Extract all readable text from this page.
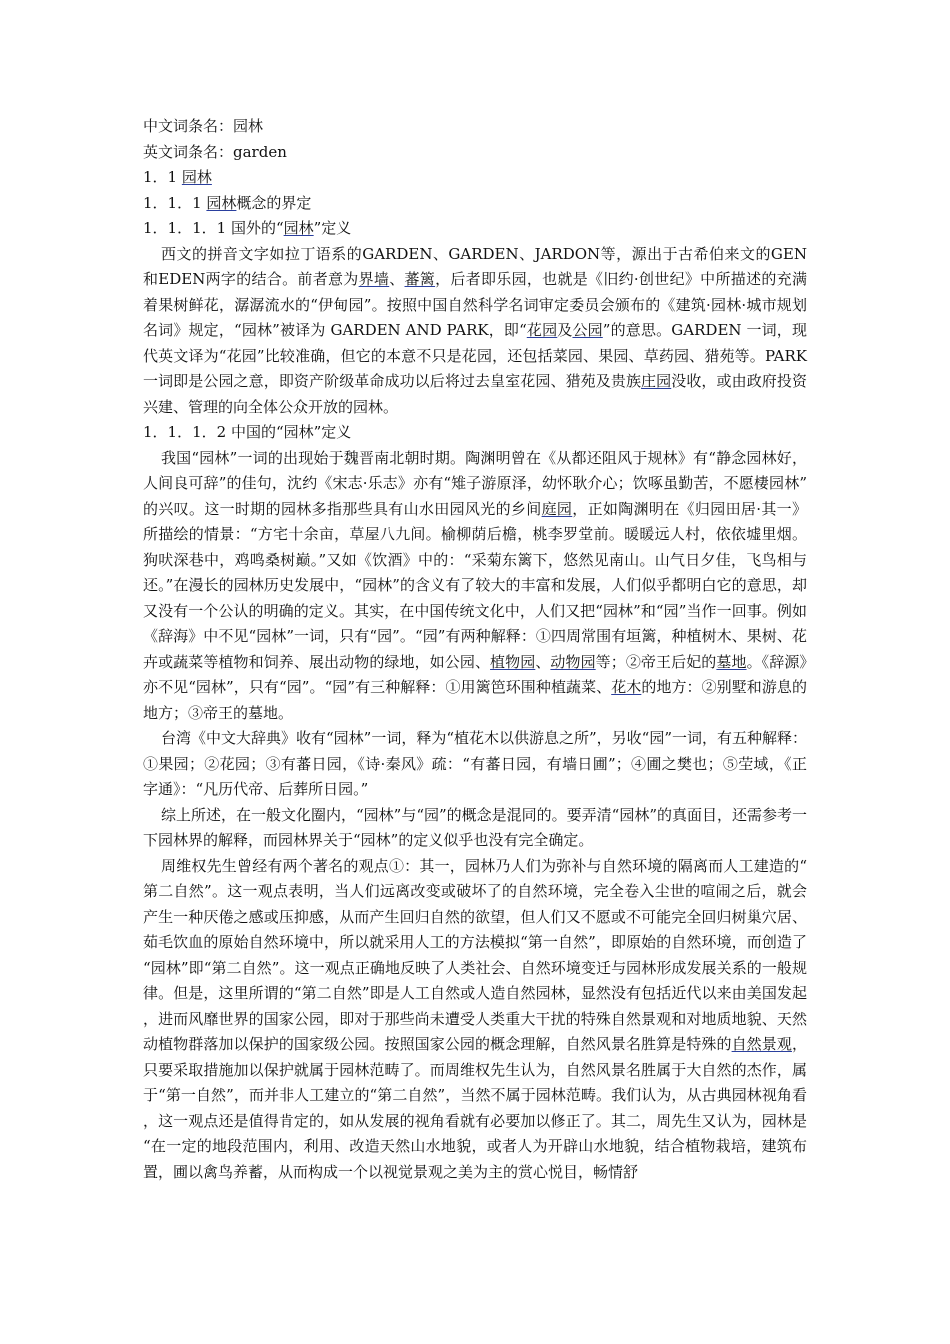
中文词条名：园林

英文词条名：garden

1．1 园林

1．1．1 园林概念的界定

1．1．1．1 国外的“园林”定义

西文的拼音文字如拉丁语系的GARDEN、GARDEN、JARDON等，源出于古希伯来文的GEN和EDEN两字的结合。前者意为界墙、蕃篱，后者即乐园，也就是《旧约·创世纪》中所描述的充满着果树鲜花，潺潺流水的“伊甸园”。按照中国自然科学名词审定委员会颁布的《建筑·园林·城市规划名词》规定，“园林”被译为 GARDEN AND PARK，即“花园及公园”的意思。GARDEN 一词，现代英文译为“花园”比较准确，但它的本意不只是花园，还包括菜园、果园、草药园、猎苑等。PARK一词即是公园之意，即资产阶级革命成功以后将过去皇室花园、猎苑及贵族庄园没收，或由政府投资兴建、管理的向全体公众开放的园林。

1．1．1．2 中国的“园林”定义

我国“园林”一词的出现始于魏晋南北朝时期。陶渊明曾在《从都还阻风于规林》有“静念园林好，人间良可辞”的佳句，沈约《宋志·乐志》亦有“雉子游原泽，幼怀耿介心；饮啄虽勤苦，不愿棲园林”的兴叹。这一时期的园林多指那些具有山水田园风光的乡间庭园，正如陶渊明在《归园田居·其一》所描绘的情景：“方宅十余亩，草屋八九间。榆柳荫后檐，桃李罗堂前。暖暖远人村，依依墟里烟。狗吠深巷中，鸡鸣桑树巅。”又如《饮酒》中的：“采菊东篱下，悠然见南山。山气日夕佳，飞鸟相与还。”在漫长的园林历史发展中，“园林”的含义有了较大的丰富和发展，人们似乎都明白它的意思，却又没有一个公认的明确的定义。其实，在中国传统文化中，人们又把“园林”和“园”当作一回事。例如《辞海》中不见“园林”一词，只有“园”。“园”有两种解释：①四周常围有垣篱，种植树木、果树、花卉或蔬菜等植物和饲养、展出动物的绿地，如公园、植物园、动物园等；②帝王后妃的墓地。《辞源》亦不见“园林”，只有“园”。“园”有三种解释：①用篱笆环围种植蔬菜、花木的地方：②别墅和游息的地方；③帝王的墓地。

台湾《中文大辞典》收有“园林”一词，释为“植花木以供游息之所”，另收“园”一词，有五种解释：①果园；②花园；③有蕃日园，《诗·秦风》疏：“有蕃日园，有墙日圃”；④圃之樊也；⑤茔域，《正字通》：“凡历代帝、后葬所日园。”

综上所述，在一般文化圈内，“园林”与“园”的概念是混同的。要弄清“园林”的真面目，还需参考一下园林界的解释，而园林界关于“园林”的定义似乎也没有完全确定。

周维权先生曾经有两个著名的观点①：其一，园林乃人们为弥补与自然环境的隔离而人工建造的“第二自然”。这一观点表明，当人们远离改变或破坏了的自然环境，完全卷入尘世的喧闹之后，就会产生一种厌倦之感或压抑感，从而产生回归自然的欲望，但人们又不愿或不可能完全回归树巢穴居、茹毛饮血的原始自然环境中，所以就采用人工的方法模拟“第一自然”，即原始的自然环境，而创造了“园林”即“第二自然”。这一观点正确地反映了人类社会、自然环境变迁与园林形成发展关系的一般规律。但是，这里所谓的“第二自然”即是人工自然或人造自然园林，显然没有包括近代以来由美国发起，进而风靡世界的国家公园，即对于那些尚未遭受人类重大干扰的特殊自然景观和对地质地貌、天然动植物群落加以保护的国家级公园。按照国家公园的概念理解，自然风景名胜算是特殊的自然景观，只要采取措施加以保护就属于园林范畴了。而周维权先生认为，自然风景名胜属于大自然的杰作，属于“第一自然”，而并非人工建立的“第二自然”，当然不属于园林范畴。我们认为，从古典园林视角看，这一观点还是值得肯定的，如从发展的视角看就有必要加以修正了。其二，周先生又认为，园林是“在一定的地段范围内，利用、改造天然山水地貌，或者人为开辟山水地貌，结合植物栽培，建筑布置，圃以禽鸟养蓄，从而构成一个以视觉景观之美为主的赏心悦目，畅情舒
